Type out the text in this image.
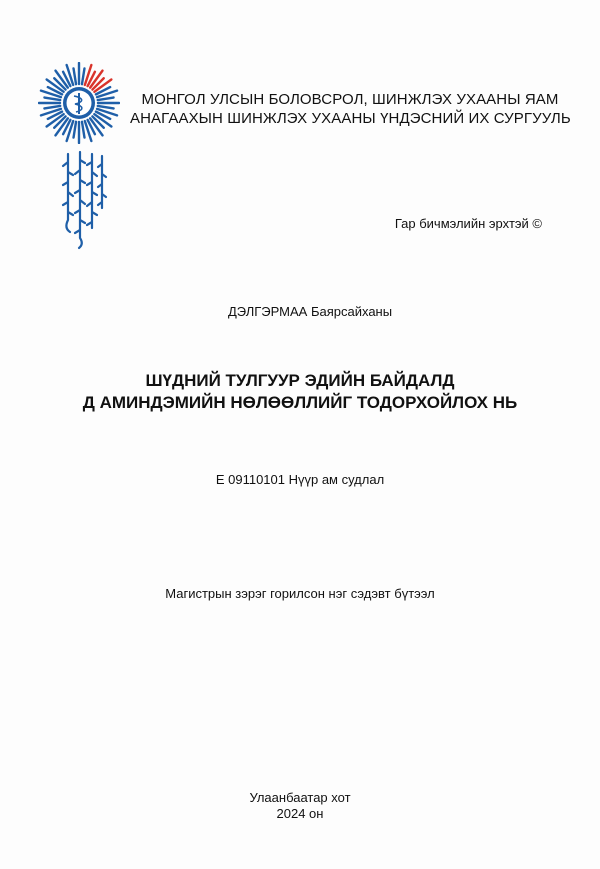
МОНГОЛ УЛСЫН БОЛОВСРОЛ, ШИНЖЛЭХ УХААНЫ ЯАМ
АНАГААХЫН ШИНЖЛЭХ УХААНЫ ҮНДЭСНИЙ ИХ СУРГУУЛЬ
Гар бичмэлийн эрхтэй ©
ДЭЛГЭРМАА Баярсайханы
ШҮДНИЙ ТУЛГУУР ЭДИЙН БАЙДАЛД
Д АМИНДЭМИЙН НӨЛӨӨЛЛИЙГ ТОДОРХОЙЛОХ НЬ
Е 09110101 Нүүр ам судлал
Магистрын зэрэг горилсон нэг сэдэвт бүтээл
Улаанбаатар хот
2024 он
